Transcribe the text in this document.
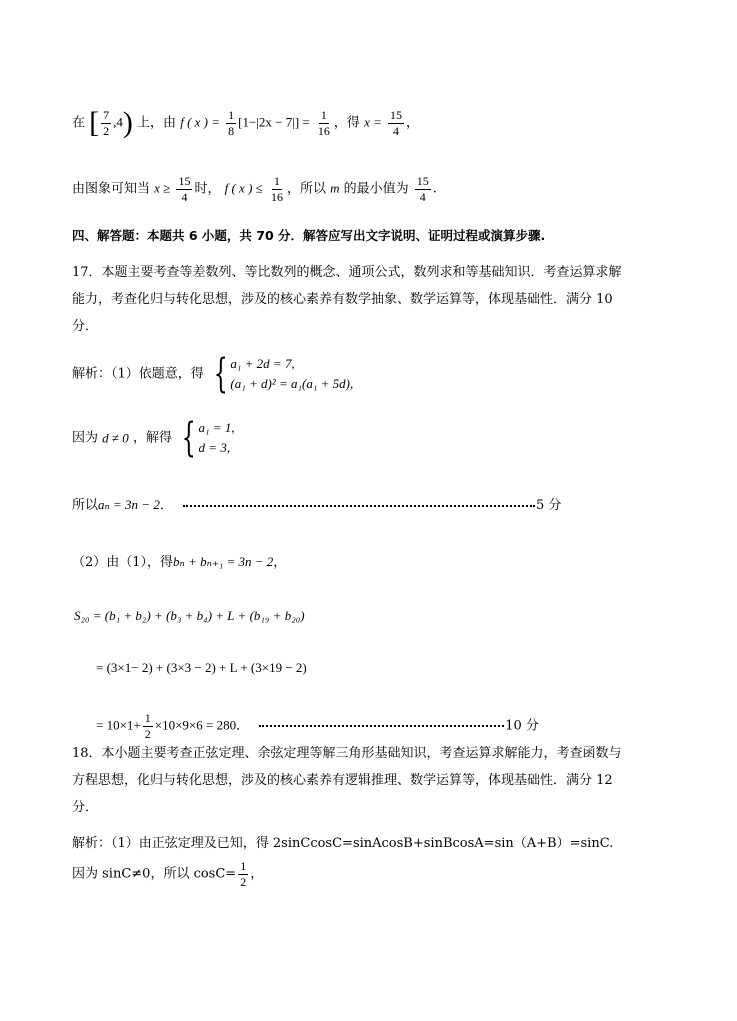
在 [ $\frac{7}{2} ,4$) 上，由 f ( x ) = $\frac{1}{8} [1-|2x - 7|] = \frac{1}{16}$ ，得 $x = \frac{15}{4}$ ，
由图象可知当 $x \ge \frac{15}{4}$ 时， f ( x ) ≤ $\frac{1}{16}$ ，所以 m 的最小值为 $\frac{15}{4}$ .
四、解答题：本题共 6 小题，共 70 分．解答应写出文字说明、证明过程或演算步骤.
17．本题主要考查等差数列、等比数列的概念、通项公式，数列求和等基础知识．考查运算求解
能力，考查化归与转化思想，涉及的核心素养有数学抽象、数学运算等，体现基础性．满分 10
分．
解析：（1）依题意，得 { a₁ + 2d = 7,
(a₁ + d)² = a₁(a₁ + 5d),
因为 d ≠ 0 ，解得 { a₁ = 1,
d = 3,
所以aₙ = 3n − 2．	5 分
（2）由（1），得bₙ + bₙ₊₁ = 3n − 2，
S₂₀ = (b₁ + b₂) + (b₃ + b₄) + L + (b₁₉ + b₂₀)
= (3×1− 2) + (3×3 − 2) + L + (3×19 − 2)
= $10\times 1+ \frac{1}{2} \times 10\times 9\times 6 = 280$．	10 分
18．本小题主要考查正弦定理、余弦定理等解三角形基础知识，考查运算求解能力，考查函数与
方程思想，化归与转化思想，涉及的核心素养有逻辑推理、数学运算等，体现基础性．满分 12
分．
解析：（1）由正弦定理及已知，得 2sinCcosC=sinAcosB+sinBcosA=sin（A+B）=sinC.
因为 sinC≠0，所以 $\cos C= \frac{1}{2}$ ，
